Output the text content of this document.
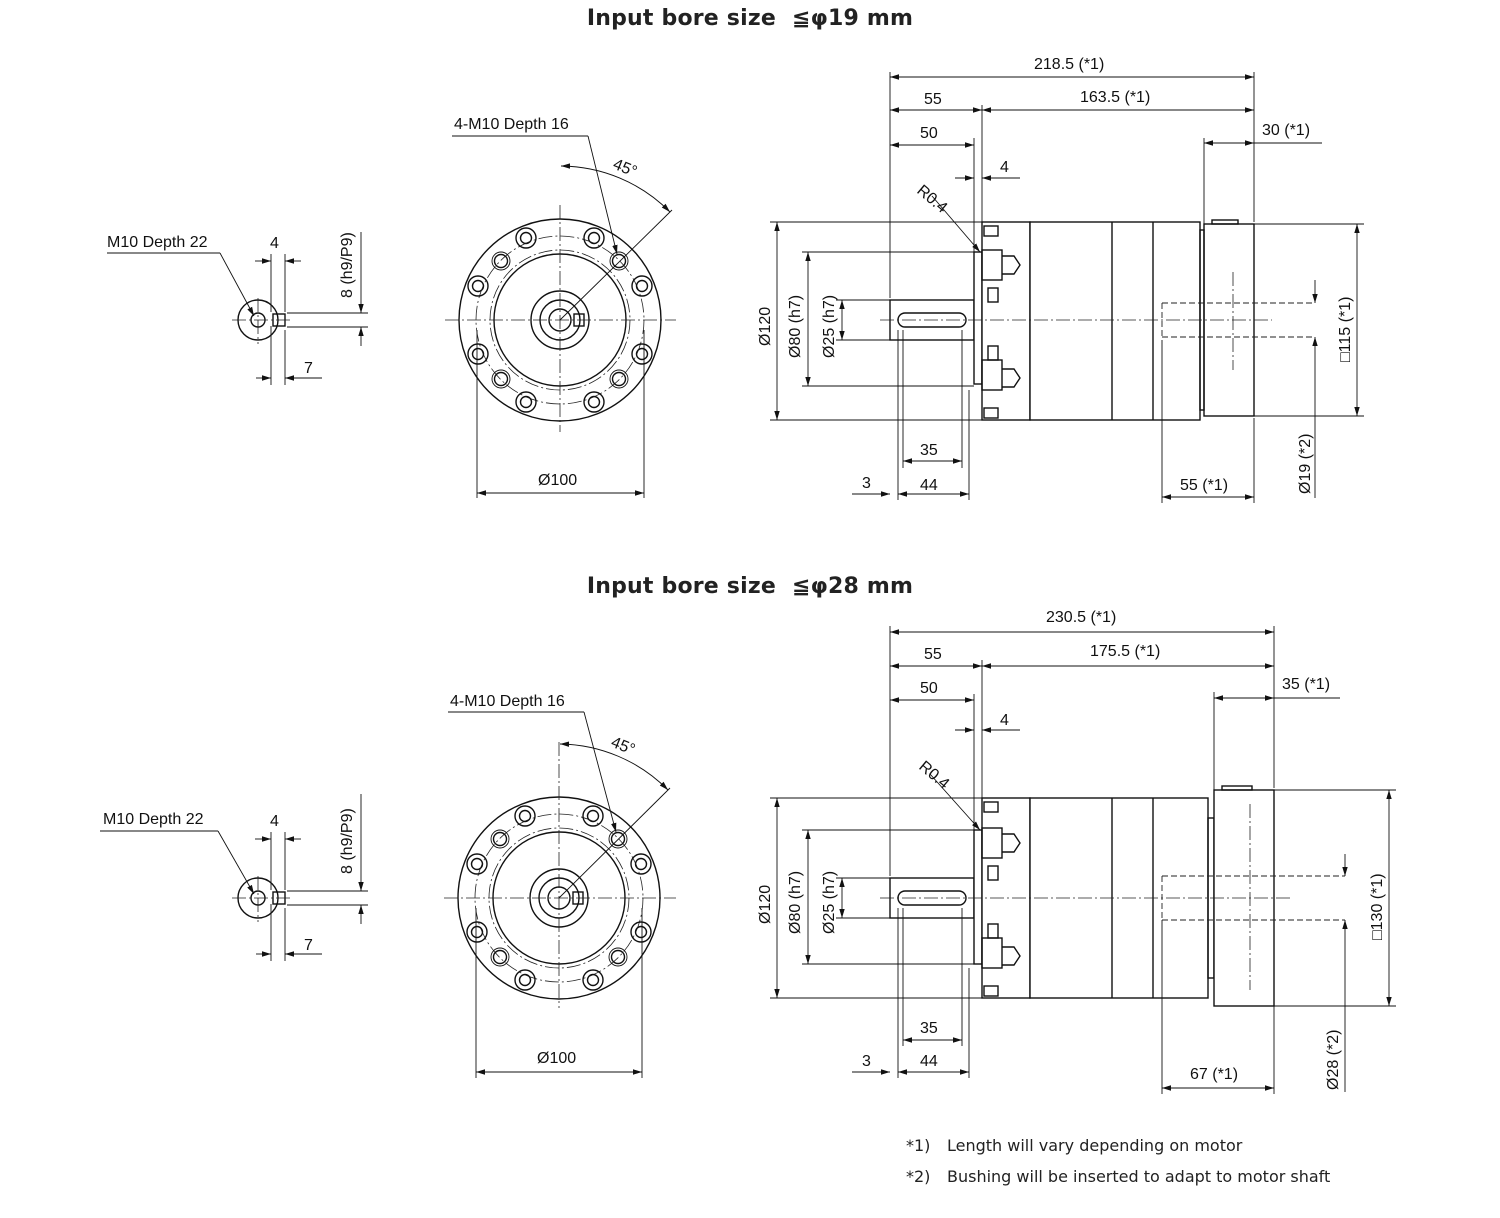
Input bore size ≦φ19 mm
M10 Depth 22	4	8 (h9/P9)
7
45°
4-M10 Depth 16
Ø100
218.5 (*1)
55	163.5 (*1)
50	30 (*1)
4
R0.4
Ø120 Ø80 (h7) Ø25 (h7)
35
3	44	55 (*1)
□115 (*1)
Ø19 (*2)
Input bore size ≦φ28 mm
M10 Depth 22	4	8 (h9/P9)
7
45°
4-M10 Depth 16
Ø100
230.5 (*1)
55	175.5 (*1)
50	35 (*1)
4
R0.4
Ø120 Ø80 (h7) Ø25 (h7)
35
3	44
67 (*1)
□130 (*1)
Ø28 (*2)
*1)	Length will vary depending on motor
*2)	Bushing will be inserted to adapt to motor shaft
